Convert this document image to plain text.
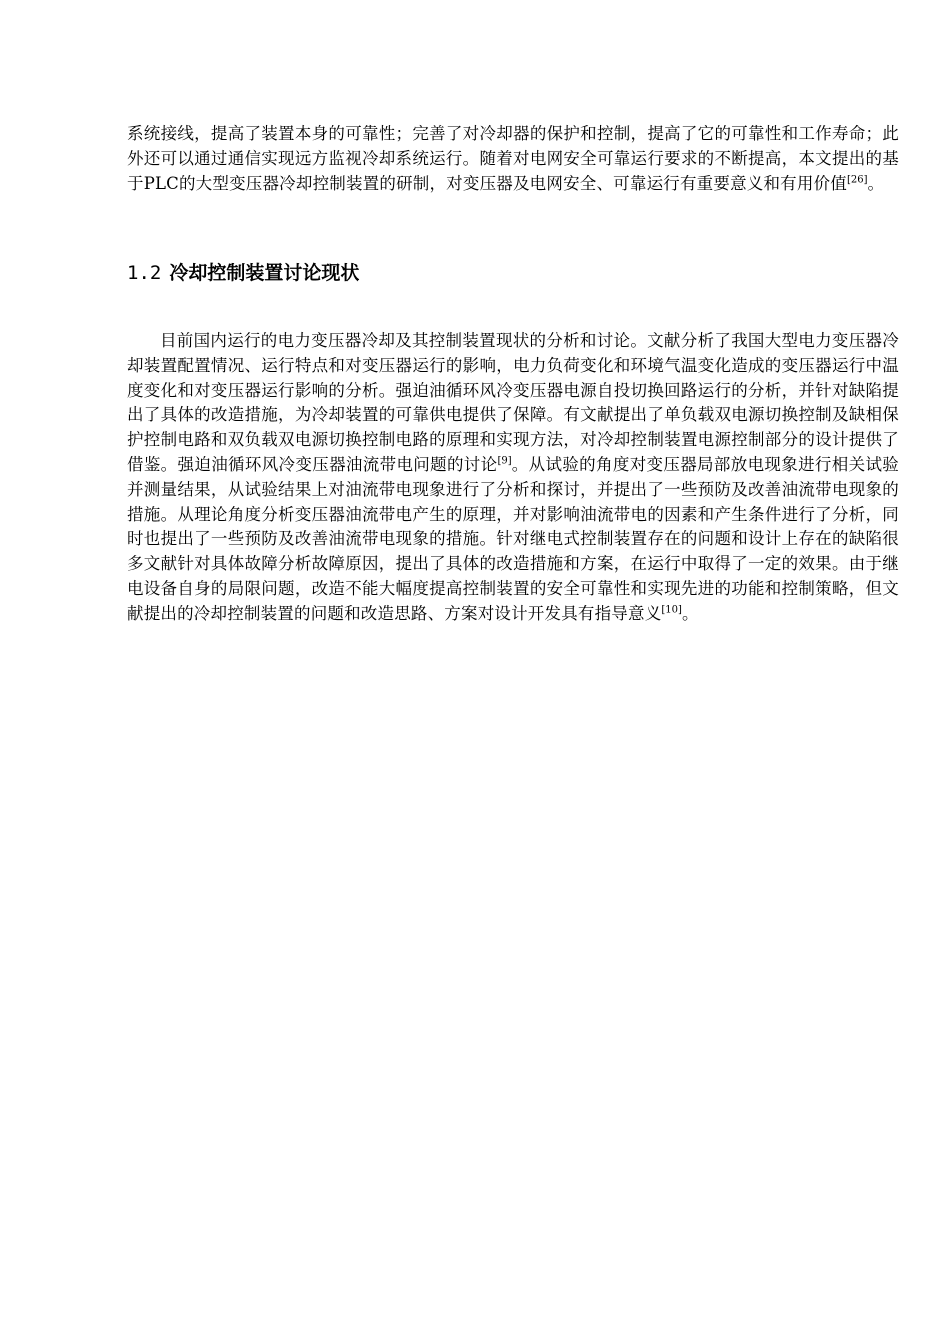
系统接线，提高了装置本身的可靠性；完善了对冷却器的保护和控制，提高了它的可靠性和工作寿命；此外还可以通过通信实现远方监视冷却系统运行。随着对电网安全可靠运行要求的不断提高，本文提出的基于PLC的大型变压器冷却控制装置的研制，对变压器及电网安全、可靠运行有重要意义和有用价值[26]。

1.2 冷却控制装置讨论现状

目前国内运行的电力变压器冷却及其控制装置现状的分析和讨论。文献分析了我国大型电力变压器冷却装置配置情况、运行特点和对变压器运行的影响，电力负荷变化和环境气温变化造成的变压器运行中温度变化和对变压器运行影响的分析。强迫油循环风冷变压器电源自投切换回路运行的分析，并针对缺陷提出了具体的改造措施，为冷却装置的可靠供电提供了保障。有文献提出了单负载双电源切换控制及缺相保护控制电路和双负载双电源切换控制电路的原理和实现方法，对冷却控制装置电源控制部分的设计提供了借鉴。强迫油循环风冷变压器油流带电问题的讨论[9]。从试验的角度对变压器局部放电现象进行相关试验并测量结果，从试验结果上对油流带电现象进行了分析和探讨，并提出了一些预防及改善油流带电现象的措施。从理论角度分析变压器油流带电产生的原理，并对影响油流带电的因素和产生条件进行了分析，同时也提出了一些预防及改善油流带电现象的措施。针对继电式控制装置存在的问题和设计上存在的缺陷很多文献针对具体故障分析故障原因，提出了具体的改造措施和方案，在运行中取得了一定的效果。由于继电设备自身的局限问题，改造不能大幅度提高控制装置的安全可靠性和实现先进的功能和控制策略，但文献提出的冷却控制装置的问题和改造思路、方案对设计开发具有指导意义[10]。
